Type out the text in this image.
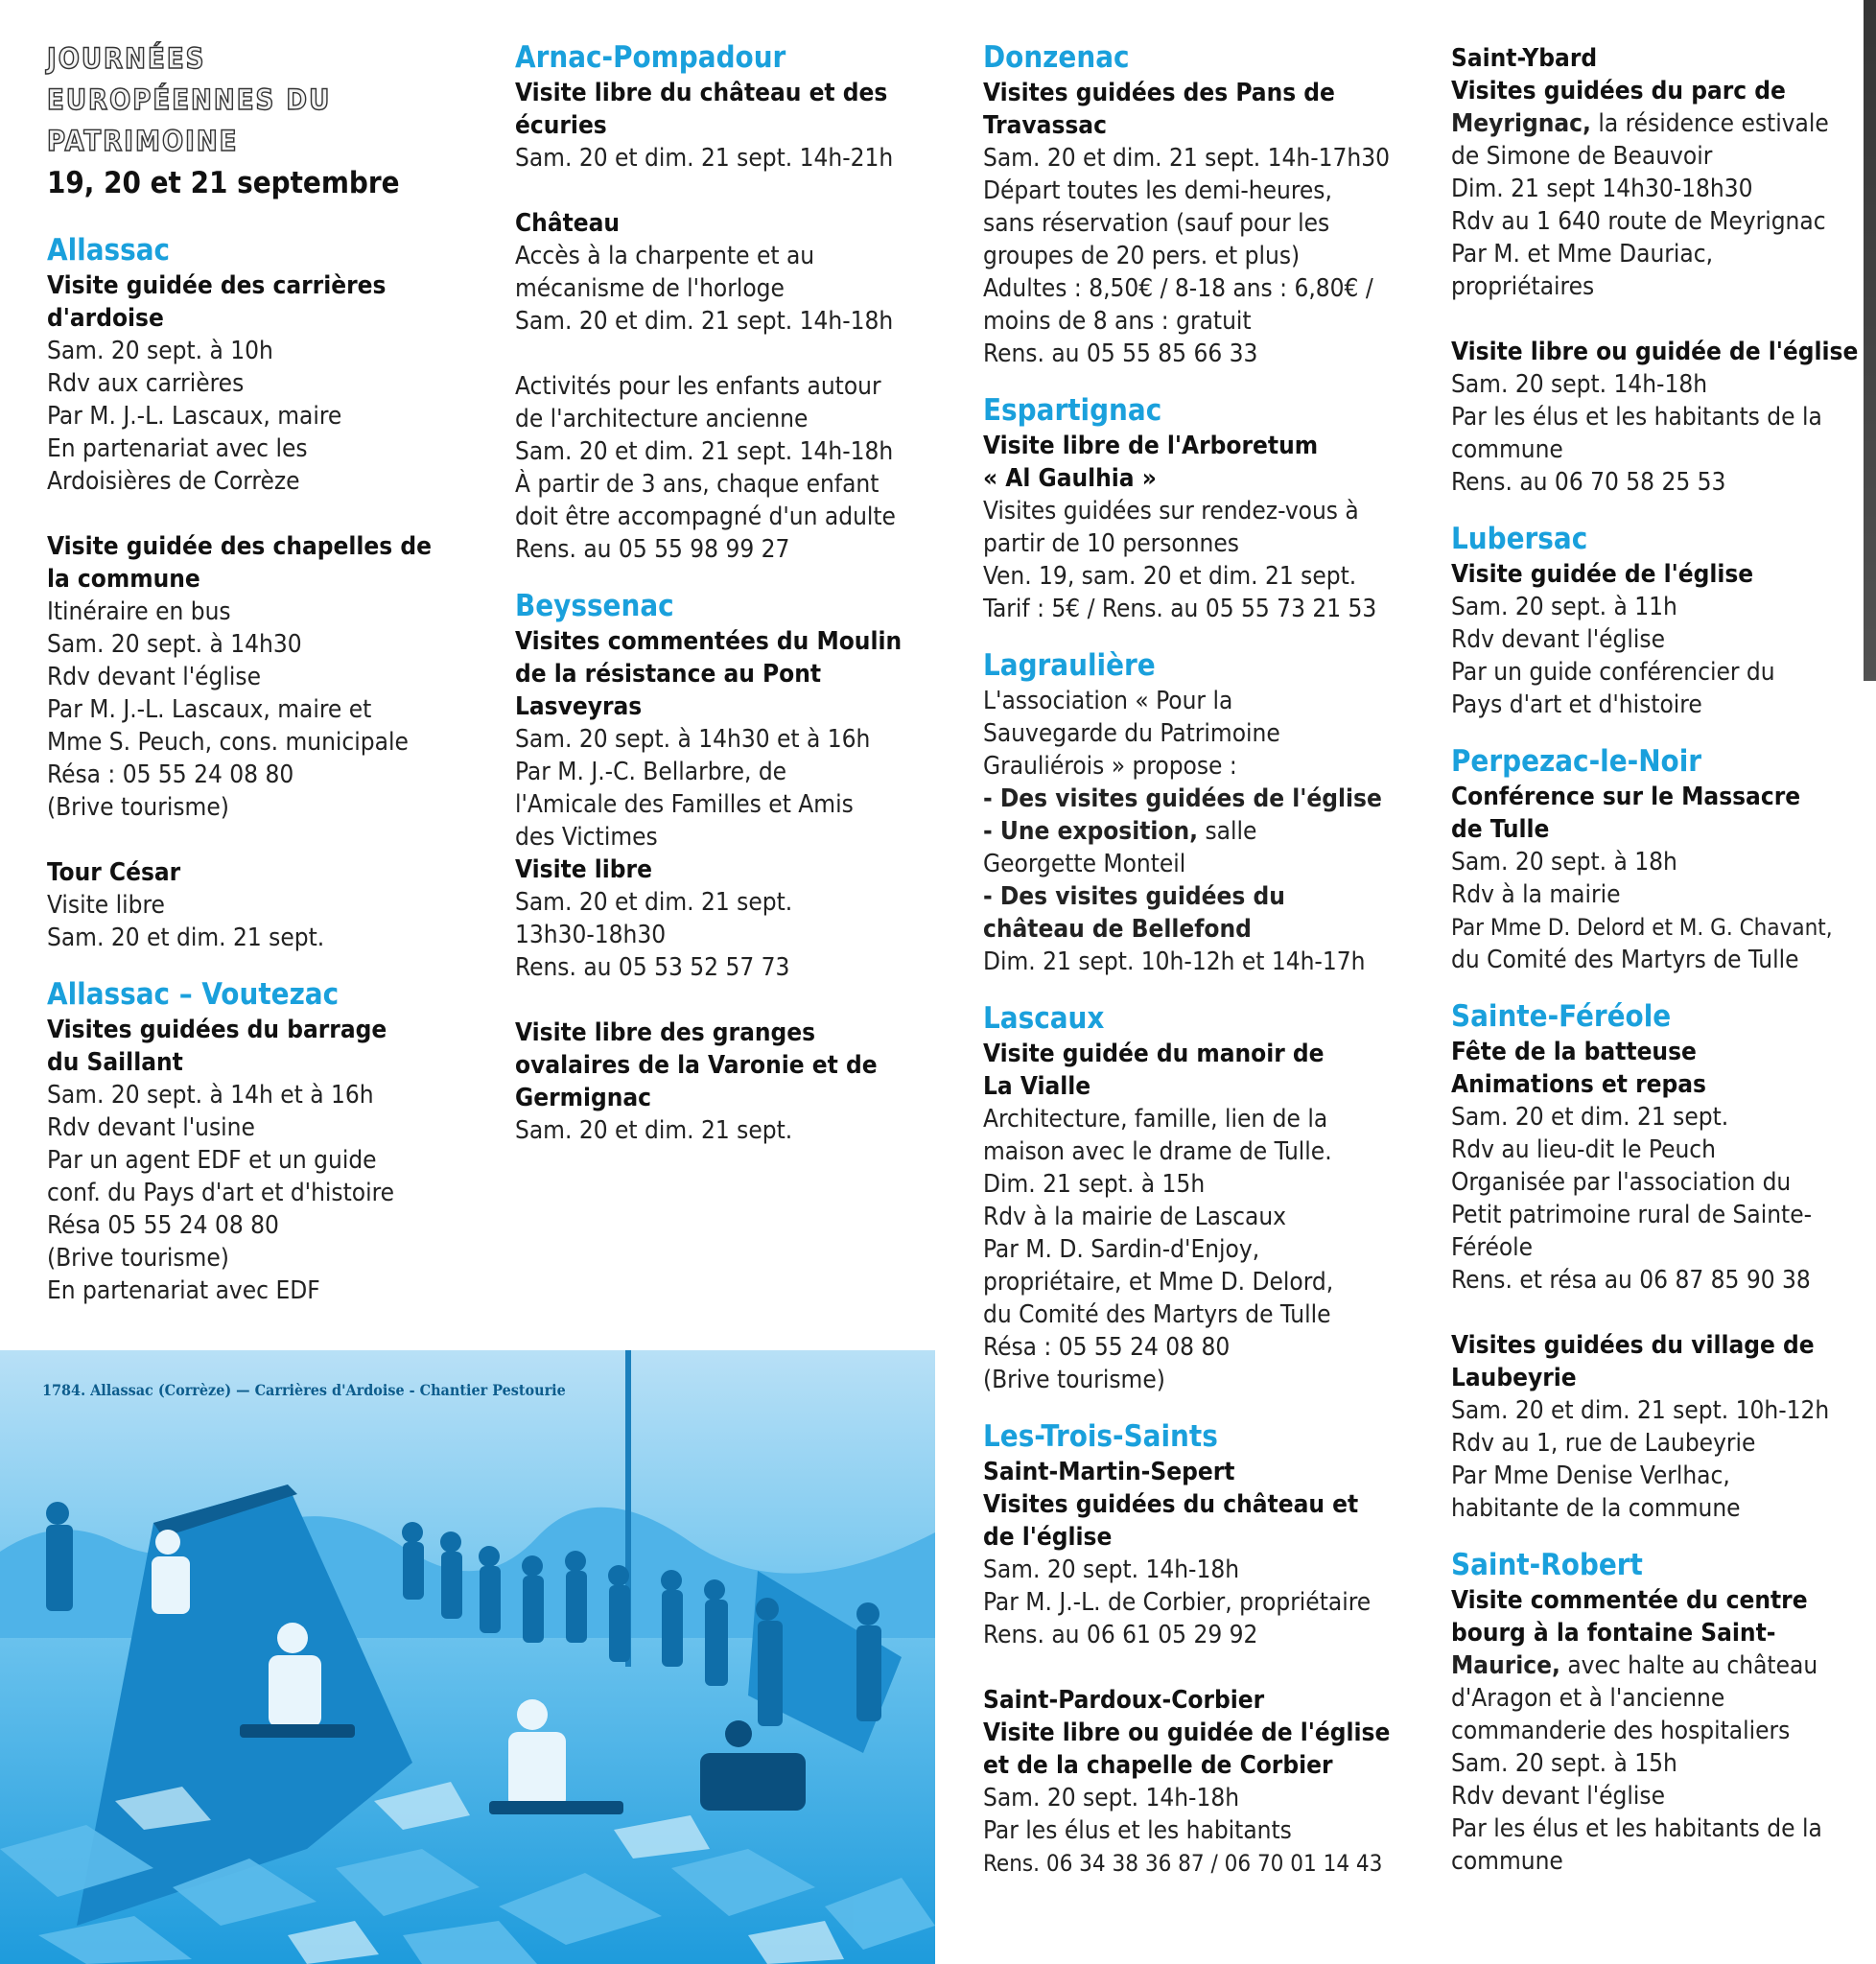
JOURNÉES
EUROPÉENNES DU
PATRIMOINE
19, 20 et 21 septembre
Allassac
Visite guidée des carrières
d'ardoise
Sam. 20 sept. à 10h
Rdv aux carrières
Par M. J.-L. Lascaux, maire
En partenariat avec les
Ardoisières de Corrèze
Visite guidée des chapelles de
la commune
Itinéraire en bus
Sam. 20 sept. à 14h30
Rdv devant l'église
Par M. J.-L. Lascaux, maire et
Mme S. Peuch, cons. municipale
Résa : 05 55 24 08 80
(Brive tourisme)
Tour César
Visite libre
Sam. 20 et dim. 21 sept.
Allassac – Voutezac
Visites guidées du barrage
du Saillant
Sam. 20 sept. à 14h et à 16h
Rdv devant l'usine
Par un agent EDF et un guide
conf. du Pays d'art et d'histoire
Résa 05 55 24 08 80
(Brive tourisme)
En partenariat avec EDF
Arnac-Pompadour
Visite libre du château et des
écuries
Sam. 20 et dim. 21 sept. 14h-21h
Château
Accès à la charpente et au
mécanisme de l'horloge
Sam. 20 et dim. 21 sept. 14h-18h
Activités pour les enfants autour
de l'architecture ancienne
Sam. 20 et dim. 21 sept. 14h-18h
À partir de 3 ans, chaque enfant
doit être accompagné d'un adulte
Rens. au 05 55 98 99 27
Beyssenac
Visites commentées du Moulin
de la résistance au Pont
Lasveyras
Sam. 20 sept. à 14h30 et à 16h
Par M. J.-C. Bellarbre, de
l'Amicale des Familles et Amis
des Victimes
Visite libre
Sam. 20 et dim. 21 sept.
13h30-18h30
Rens. au 05 53 52 57 73
Visite libre des granges
ovalaires de la Varonie et de
Germignac
Sam. 20 et dim. 21 sept.
Donzenac
Visites guidées des Pans de
Travassac
Sam. 20 et dim. 21 sept. 14h-17h30
Départ toutes les demi-heures,
sans réservation (sauf pour les
groupes de 20 pers. et plus)
Adultes : 8,50€ / 8-18 ans : 6,80€ /
moins de 8 ans : gratuit
Rens. au 05 55 85 66 33
Espartignac
Visite libre de l'Arboretum
« Al Gaulhia »
Visites guidées sur rendez-vous à
partir de 10 personnes
Ven. 19, sam. 20 et dim. 21 sept.
Tarif : 5€ / Rens. au 05 55 73 21 53
Lagraulière
L'association « Pour la
Sauvegarde du Patrimoine
Grauliérois » propose :
- Des visites guidées de l'église
- Une exposition, salle
Georgette Monteil
- Des visites guidées du
château de Bellefond
Dim. 21 sept. 10h-12h et 14h-17h
Lascaux
Visite guidée du manoir de
La Vialle
Architecture, famille, lien de la
maison avec le drame de Tulle.
Dim. 21 sept. à 15h
Rdv à la mairie de Lascaux
Par M. D. Sardin-d'Enjoy,
propriétaire, et Mme D. Delord,
du Comité des Martyrs de Tulle
Résa : 05 55 24 08 80
(Brive tourisme)
Les-Trois-Saints
Saint-Martin-Sepert
Visites guidées du château et
de l'église
Sam. 20 sept. 14h-18h
Par M. J.-L. de Corbier, propriétaire
Rens. au 06 61 05 29 92
Saint-Pardoux-Corbier
Visite libre ou guidée de l'église
et de la chapelle de Corbier
Sam. 20 sept. 14h-18h
Par les élus et les habitants
Rens. 06 34 38 36 87 / 06 70 01 14 43
Saint-Ybard
Visites guidées du parc de
Meyrignac, la résidence estivale
de Simone de Beauvoir
Dim. 21 sept 14h30-18h30
Rdv au 1 640 route de Meyrignac
Par M. et Mme Dauriac,
propriétaires
Visite libre ou guidée de l'église
Sam. 20 sept. 14h-18h
Par les élus et les habitants de la
commune
Rens. au 06 70 58 25 53
Lubersac
Visite guidée de l'église
Sam. 20 sept. à 11h
Rdv devant l'église
Par un guide conférencier du
Pays d'art et d'histoire
Perpezac-le-Noir
Conférence sur le Massacre
de Tulle
Sam. 20 sept. à 18h
Rdv à la mairie
Par Mme D. Delord et M. G. Chavant,
du Comité des Martyrs de Tulle
Sainte-Féréole
Fête de la batteuse
Animations et repas
Sam. 20 et dim. 21 sept.
Rdv au lieu-dit le Peuch
Organisée par l'association du
Petit patrimoine rural de Sainte-
Féréole
Rens. et résa au 06 87 85 90 38
Visites guidées du village de
Laubeyrie
Sam. 20 et dim. 21 sept. 10h-12h
Rdv au 1, rue de Laubeyrie
Par Mme Denise Verlhac,
habitante de la commune
Saint-Robert
Visite commentée du centre
bourg à la fontaine Saint-
Maurice, avec halte au château
d'Aragon et à l'ancienne
commanderie des hospitaliers
Sam. 20 sept. à 15h
Rdv devant l'église
Par les élus et les habitants de la
commune
1784. Allassac (Corrèze) — Carrières d'Ardoise - Chantier Pestourie
